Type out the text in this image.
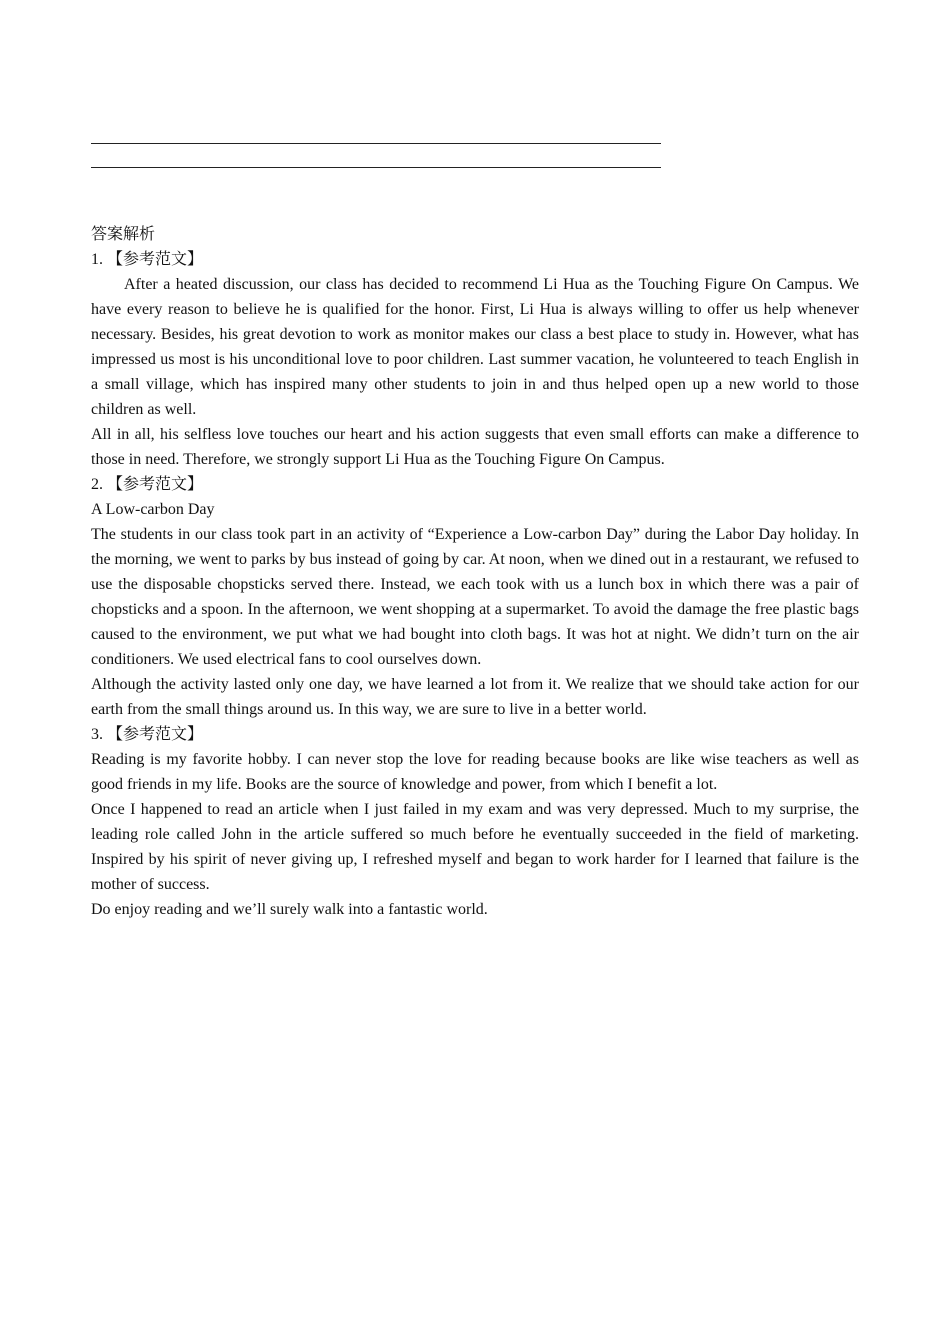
答案解析

1. 【参考范文】

After a heated discussion, our class has decided to recommend Li Hua as the Touching Figure On Campus. We have every reason to believe he is qualified for the honor. First, Li Hua is always willing to offer us help whenever necessary. Besides, his great devotion to work as monitor makes our class a best place to study in. However, what has impressed us most is his unconditional love to poor children. Last summer vacation, he volunteered to teach English in a small village, which has inspired many other students to join in and thus helped open up a new world to those children as well.

All in all, his selfless love touches our heart and his action suggests that even small efforts can make a difference to those in need. Therefore, we strongly support Li Hua as the Touching Figure On Campus.

2. 【参考范文】

A Low-carbon Day

The students in our class took part in an activity of “Experience a Low-carbon Day” during the Labor Day holiday. In the morning, we went to parks by bus instead of going by car. At noon, when we dined out in a restaurant, we refused to use the disposable chopsticks served there. Instead, we each took with us a lunch box in which there was a pair of chopsticks and a spoon. In the afternoon, we went shopping at a supermarket. To avoid the damage the free plastic bags caused to the environment, we put what we had bought into cloth bags. It was hot at night. We didn’t turn on the air conditioners. We used electrical fans to cool ourselves down.

Although the activity lasted only one day, we have learned a lot from it. We realize that we should take action for our earth from the small things around us. In this way, we are sure to live in a better world.

3. 【参考范文】

Reading is my favorite hobby. I can never stop the love for reading because books are like wise teachers as well as good friends in my life. Books are the source of knowledge and power, from which I benefit a lot.

Once I happened to read an article when I just failed in my exam and was very depressed. Much to my surprise, the leading role called John in the article suffered so much before he eventually succeeded in the field of marketing. Inspired by his spirit of never giving up, I refreshed myself and began to work harder for I learned that failure is the mother of success.

Do enjoy reading and we’ll surely walk into a fantastic world.
